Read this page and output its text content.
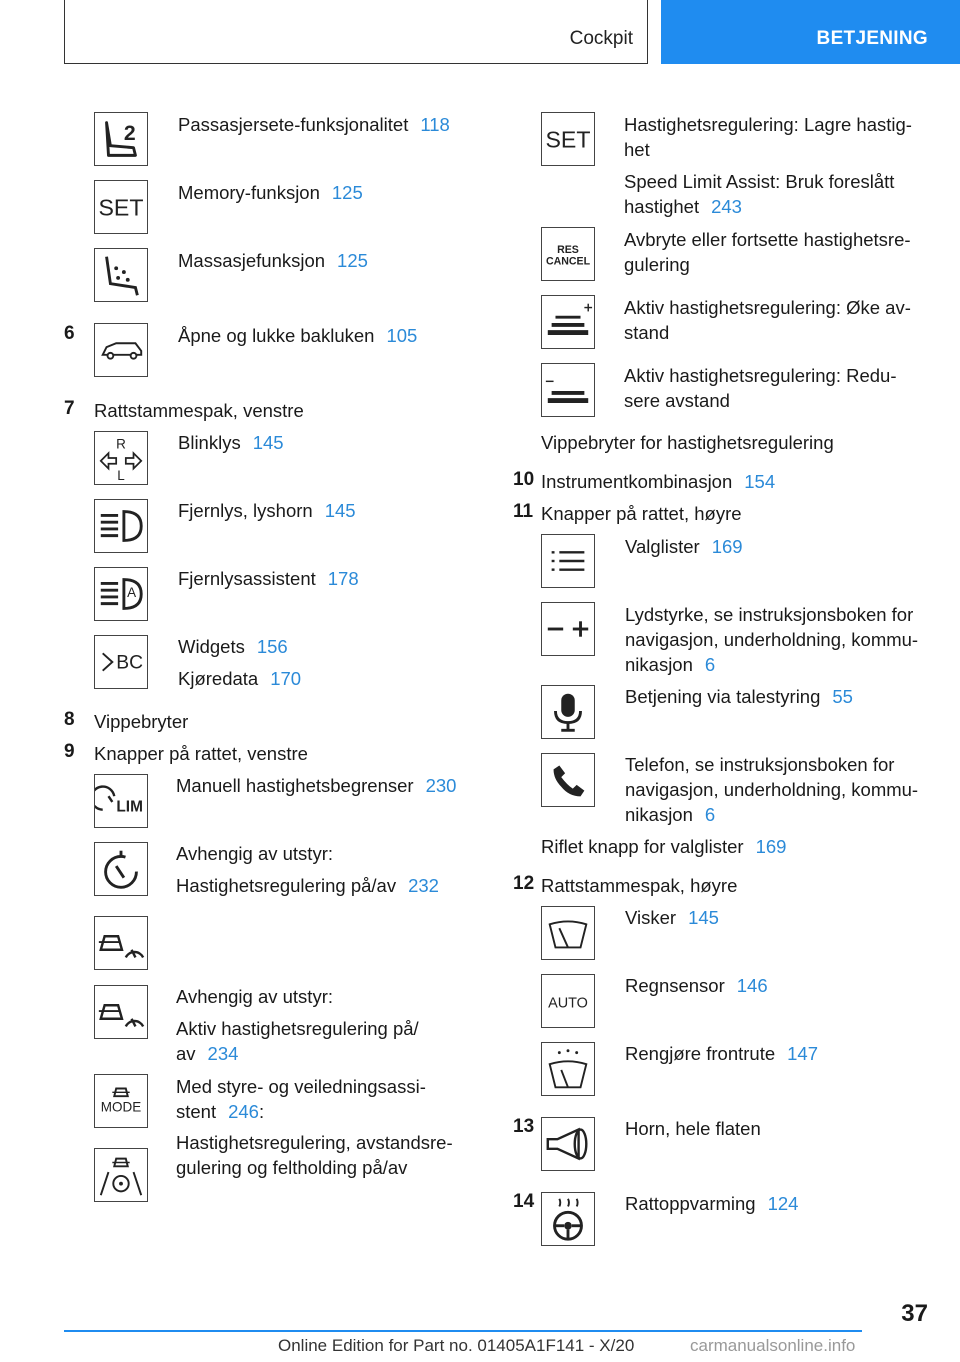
Cockpit	BETJENING
2 Passasjersete-funksjonalitet 118
SET
Memory-funksjon 125
Massasjefunksjon 125
6	Åpne og lukke bakluken 105
7 Rattstammespak, venstre
R
L
Blinklys 145
Fjernlys, lyshorn 145
A
Fjernlysassistent 178
BC
Widgets 156
Kjøredata 170
8 Vippebryter
9 Knapper på rattet, venstre
LIM
Manuell hastighetsbegrenser 230
Avhengig av utstyr:
Hastighetsregulering på/av 232
Avhengig av utstyr:
Aktiv hastighetsregulering på/
av 234
MODE
Med styre- og veiledningsassi-
stent 246:
Hastighetsregulering, avstandsre-
gulering og feltholding på/av
SET
Hastighetsregulering: Lagre hastig-
het
Speed Limit Assist: Bruk foreslått
hastighet 243
RES
CANCEL
Avbryte eller fortsette hastighetsre-
gulering
Aktiv hastighetsregulering: Øke av-
stand
Aktiv hastighetsregulering: Redu-
sere avstand
Vippebryter for hastighetsregulering
10 Instrumentkombinasjon 154
11 Knapper på rattet, høyre
Valglister 169
Lydstyrke, se instruksjonsboken for
navigasjon, underholdning, kommu-
nikasjon 6
Betjening via talestyring 55
Telefon, se instruksjonsboken for
navigasjon, underholdning, kommu-
nikasjon 6
Riflet knapp for valglister 169
12 Rattstammespak, høyre
Visker 145
AUTO
Regnsensor 146
Rengjøre frontrute 147
13	Horn, hele flaten
14	Rattoppvarming 124
37
Online Edition for Part no. 01405A1F141 - X/20	carmanualsonline.info
